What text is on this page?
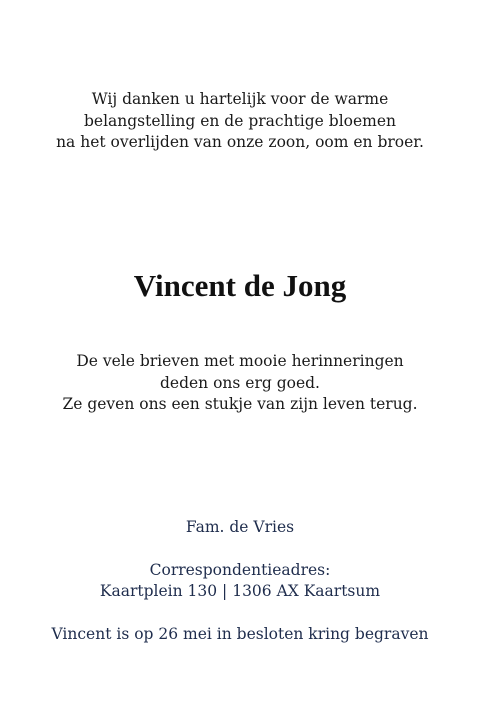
Wij danken u hartelijk voor de warme
belangstelling en de prachtige bloemen
na het overlijden van onze zoon, oom en broer.
Vincent de Jong
De vele brieven met mooie herinneringen
deden ons erg goed.
Ze geven ons een stukje van zijn leven terug.
Fam. de Vries
Correspondentieadres:
Kaartplein 130 | 1306 AX Kaartsum
Vincent is op 26 mei in besloten kring begraven
